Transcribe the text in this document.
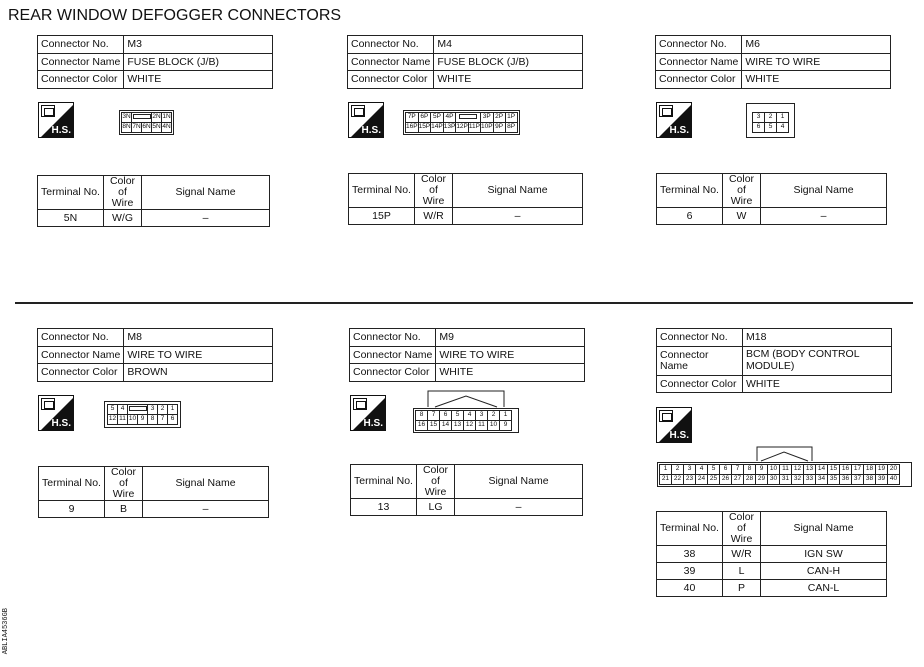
REAR WINDOW DEFOGGER CONNECTORS
Connector No.	M3
Connector Name	FUSE BLOCK (J/B)
Connector Color	WHITE
H.S.
3N			2N	1N
8N	7N	6N	5N	4N
Terminal No.	Color of Wire	Signal Name
5N	W/G	–
Connector No.	M4
Connector Name	FUSE BLOCK (J/B)
Connector Color	WHITE
H.S.
7P	6P	5P	4P			3P	2P	1P
16P	15P	14P	13P	12P	11P	10P	9P	8P
Terminal No.	Color of Wire	Signal Name
15P	W/R	–
Connector No.	M6
Connector Name	WIRE TO WIRE
Connector Color	WHITE
H.S.
3	2	1
6	5	4
Terminal No.	Color of Wire	Signal Name
6	W	–
Connector No.	M8
Connector Name	WIRE TO WIRE
Connector Color	BROWN
H.S.
5	4			3	2	1
12	11	10	9	8	7	6
Terminal No.	Color of Wire	Signal Name
9	B	–
Connector No.	M9
Connector Name	WIRE TO WIRE
Connector Color	WHITE
H.S.
8	7	6	5	4	3	2	1
16	15	14	13	12	11	10	9
Terminal No.	Color of Wire	Signal Name
13	LG	–
Connector No.	M18
Connector Name	BCM (BODY CONTROL MODULE)
Connector Color	WHITE
H.S.
1	2	3	4	5	6	7	8	9	10	11	12	13	14	15	16	17	18	19	20
21	22	23	24	25	26	27	28	29	30	31	32	33	34	35	36	37	38	39	40
Terminal No.	Color of Wire	Signal Name
38	W/R	IGN SW
39	L	CAN-H
40	P	CAN-L
ABLIA4536GB
